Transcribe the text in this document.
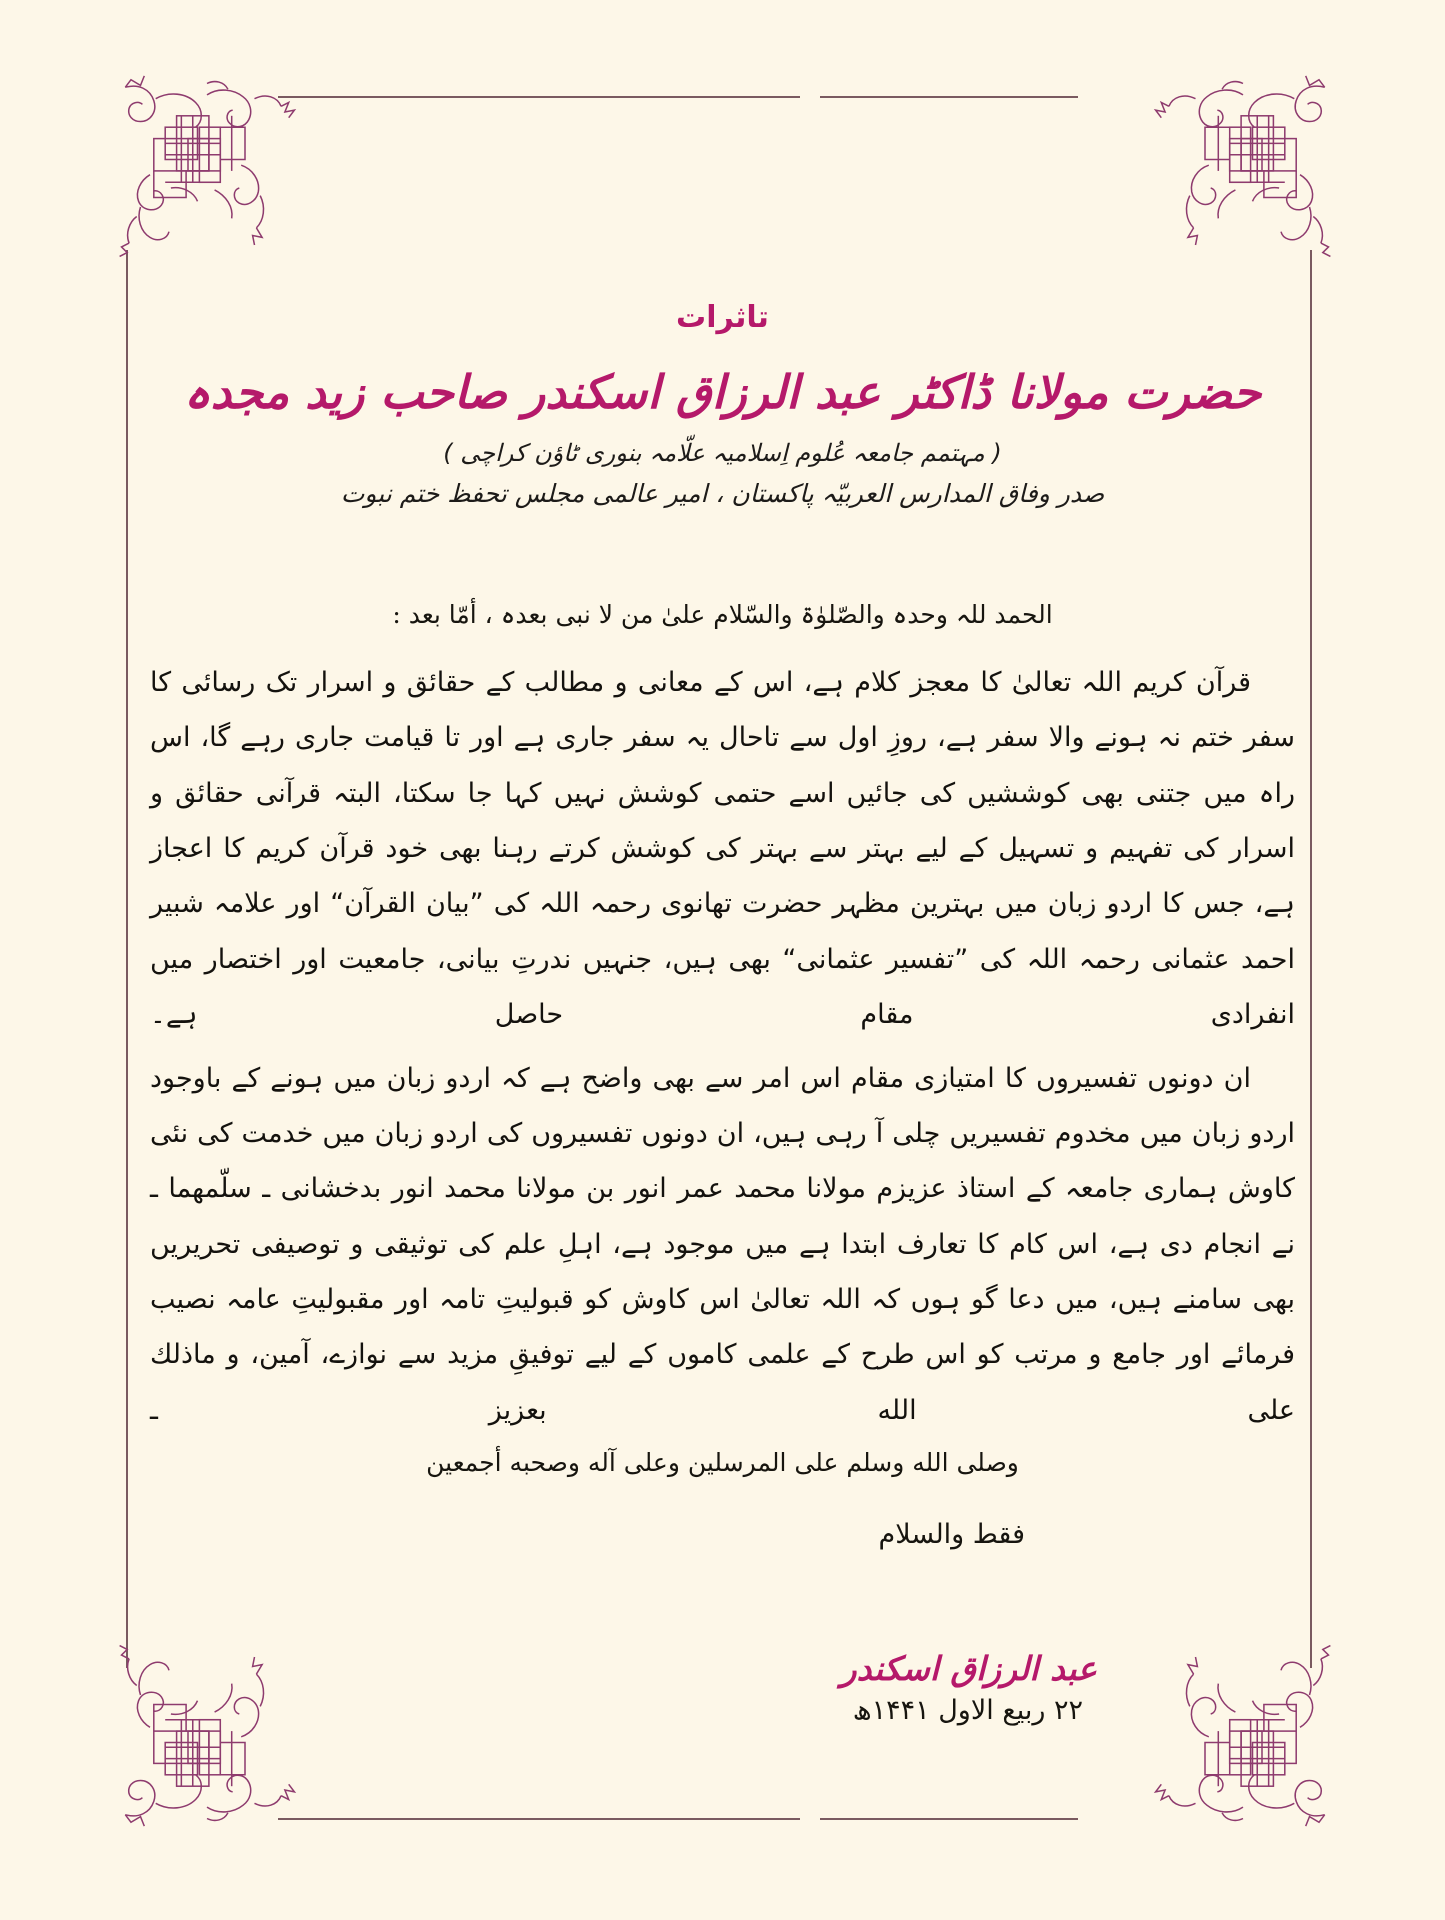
تاثرات
حضرت مولانا ڈاکٹر عبد الرزاق اسکندر صاحب زید مجدہ
( مہتمم جامعہ عُلوم اِسلامیہ علّامہ بنوری ٹاؤن کراچی )
صدر وفاق المدارس العربیّہ پاکستان ، امیر عالمی مجلس تحفظ ختم نبوت
الحمد للہ وحدہ والصّلوٰۃ والسّلام علیٰ من لا نبی بعدہ ، أمّا بعد :

قرآن کریم اللہ تعالیٰ کا معجز کلام ہے، اس کے معانی و مطالب کے حقائق و اسرار تک رسائی کا سفر ختم نہ ہونے والا سفر ہے، روزِ اول سے تاحال یہ سفر جاری ہے اور تا قیامت جاری رہے گا، اس راہ میں جتنی بھی کوششیں کی جائیں اسے حتمی کوشش نہیں کہا جا سکتا، البتہ قرآنی حقائق و اسرار کی تفہیم و تسہیل کے لیے بہتر سے بہتر کی کوشش کرتے رہنا بھی خود قرآن کریم کا اعجاز ہے، جس کا اردو زبان میں بہترین مظہر حضرت تھانوی رحمہ اللہ کی ”بیان القرآن“ اور علامہ شبیر احمد عثمانی رحمہ اللہ کی ”تفسیر عثمانی“ بھی ہیں، جنہیں ندرتِ بیانی، جامعیت اور اختصار میں انفرادی مقام حاصل ہے۔

ان دونوں تفسیروں کا امتیازی مقام اس امر سے بھی واضح ہے کہ اردو زبان میں ہونے کے باوجود اردو زبان میں مخدوم تفسیریں چلی آ رہی ہیں، ان دونوں تفسیروں کی اردو زبان میں خدمت کی نئی کاوش ہماری جامعہ کے استاذ عزیزم مولانا محمد عمر انور بن مولانا محمد انور بدخشانی ـ سلّمھما ـ نے انجام دی ہے، اس کام کا تعارف ابتدا ہے میں موجود ہے، اہلِ علم کی توثیقی و توصیفی تحریریں بھی سامنے ہیں، میں دعا گو ہوں کہ اللہ تعالیٰ اس کاوش کو قبولیتِ تامہ اور مقبولیتِ عامہ نصیب فرمائے اور جامع و مرتب کو اس طرح کے علمی کاموں کے لیے توفیقِ مزید سے نوازے، آمین، و ماذلك على الله بعزيز ـ

وصلى الله وسلم على المرسلين وعلى آله وصحبه أجمعين
فقط والسلام
عبد الرزاق اسکندر
۲۲ ربیع الاول ۱۴۴۱ھ
